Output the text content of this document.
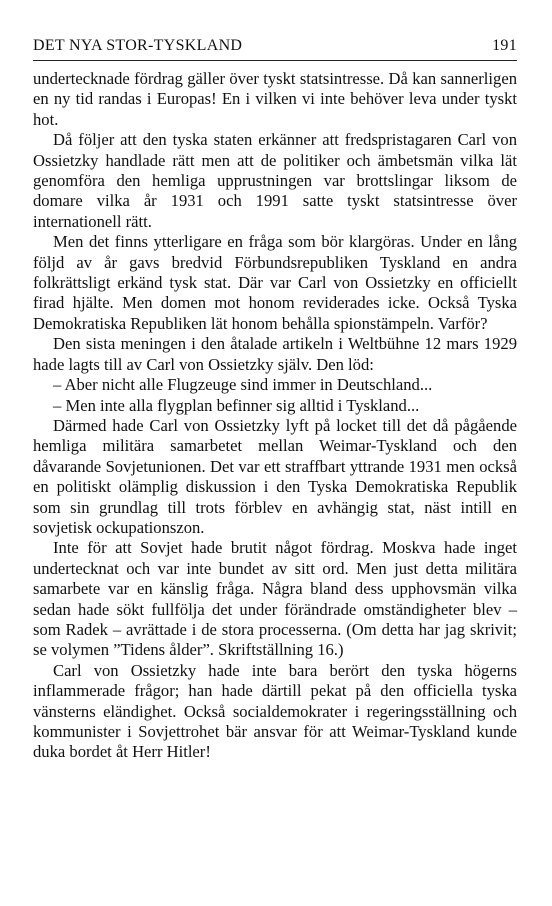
DET NYA STOR-TYSKLAND	191

undertecknade fördrag gäller över tyskt statsintresse. Då kan sannerligen en ny tid randas i Europas! En i vilken vi inte behöver leva under tyskt hot.

Då följer att den tyska staten erkänner att fredspristagaren Carl von Ossietzky handlade rätt men att de politiker och ämbetsmän vilka lät genomföra den hemliga upprustningen var brottslingar liksom de domare vilka år 1931 och 1991 satte tyskt statsintresse över internationell rätt.

Men det finns ytterligare en fråga som bör klargöras. Under en lång följd av år gavs bredvid Förbundsrepubliken Tyskland en andra folkrättsligt erkänd tysk stat. Där var Carl von Ossietzky en officiellt firad hjälte. Men domen mot honom reviderades icke. Också Tyska Demokratiska Republiken lät honom behålla spionstämpeln. Varför?

Den sista meningen i den åtalade artikeln i Weltbühne 12 mars 1929 hade lagts till av Carl von Ossietzky själv. Den löd:

– Aber nicht alle Flugzeuge sind immer in Deutschland...

– Men inte alla flygplan befinner sig alltid i Tyskland...

Därmed hade Carl von Ossietzky lyft på locket till det då pågående hemliga militära samarbetet mellan Weimar-Tyskland och den dåvarande Sovjetunionen. Det var ett straffbart yttrande 1931 men också en politiskt olämplig diskussion i den Tyska Demokratiska Republik som sin grundlag till trots förblev en avhängig stat, näst intill en sovjetisk ockupationszon.

Inte för att Sovjet hade brutit något fördrag. Moskva hade inget undertecknat och var inte bundet av sitt ord. Men just detta militära samarbete var en känslig fråga. Några bland dess upphovsmän vilka sedan hade sökt fullfölja det under förändrade omständigheter blev – som Radek – avrättade i de stora processerna. (Om detta har jag skrivit; se volymen ”Tidens ålder”. Skriftställning 16.)

Carl von Ossietzky hade inte bara berört den tyska högerns inflammerade frågor; han hade därtill pekat på den officiella tyska vänsterns eländighet. Också socialdemokrater i regeringsställning och kommunister i Sovjettrohet bär ansvar för att Weimar-Tyskland kunde duka bordet åt Herr Hitler!
